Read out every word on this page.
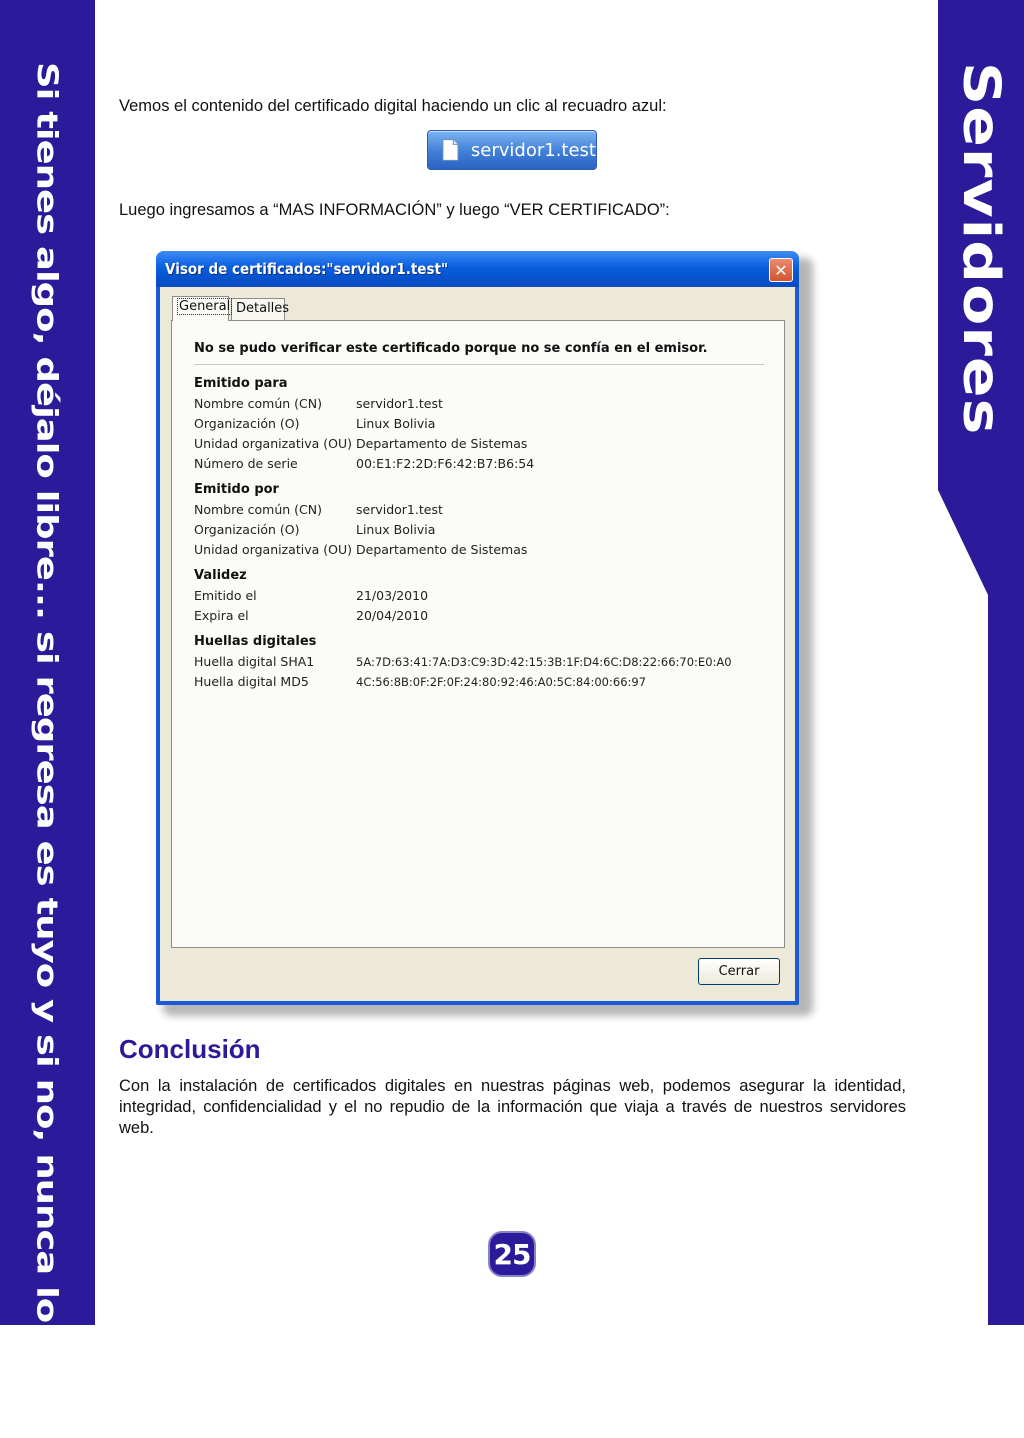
Si tienes algo, déjalo libre... si regresa es tuyo y si no, nunca lo fué...	Servidores
Vemos el contenido del certificado digital haciendo un clic al recuadro azul:
servidor1.test
Luego ingresamos a “MAS INFORMACIÓN” y luego “VER CERTIFICADO”:
Visor de certificados:"servidor1.test"	✕
General Detalles
No se pudo verificar este certificado porque no se confía en el emisor.
Emitido para
Nombre común (CN)	servidor1.test
Organización (O)	Linux Bolivia
Unidad organizativa (OU) Departamento de Sistemas
Número de serie	00:E1:F2:2D:F6:42:B7:B6:54
Emitido por
Nombre común (CN)	servidor1.test
Organización (O)	Linux Bolivia
Unidad organizativa (OU) Departamento de Sistemas
Validez
Emitido el	21/03/2010
Expira el	20/04/2010
Huellas digitales
Huella digital SHA1	5A:7D:63:41:7A:D3:C9:3D:42:15:3B:1F:D4:6C:D8:22:66:70:E0:A0
Huella digital MD5	4C:56:8B:0F:2F:0F:24:80:92:46:A0:5C:84:00:66:97
Cerrar
Conclusión
Con la instalación de certificados digitales en nuestras páginas web, podemos asegurar la identidad, integridad, confidencialidad y el no repudio de la información que viaja a través de nuestros servidores web.
25
